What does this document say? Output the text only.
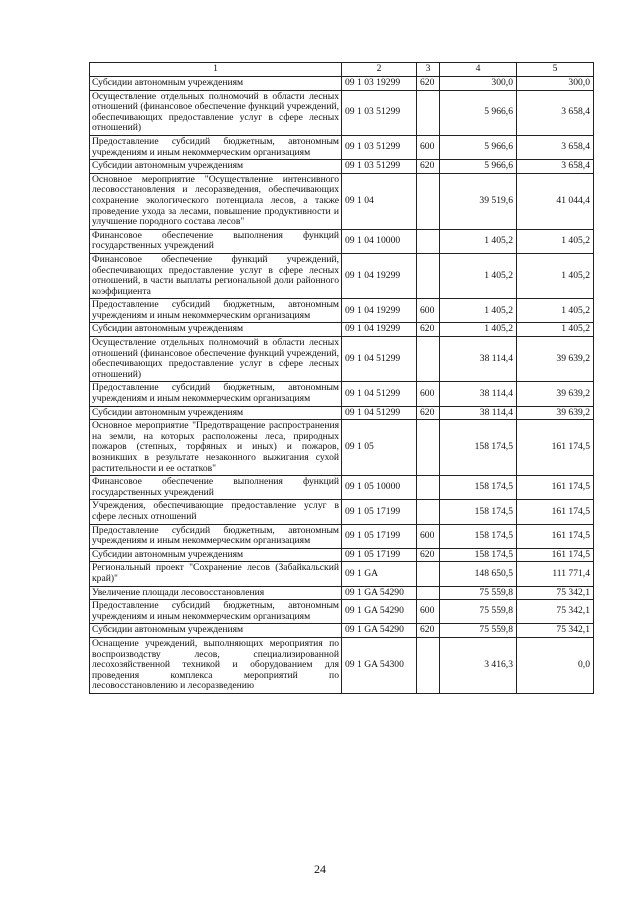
1	2	3	4	5
Субсидии автономным учреждениям	09 1 03 19299	620	300,0	300,0
Осуществление отдельных полномочий в области лесных отношений (финансовое обеспечение функций учреждений, обеспечивающих предоставление услуг в сфере лесных отношений)	09 1 03 51299		5 966,6	3 658,4
Предоставление субсидий бюджетным, автономным учреждениям и иным некоммерческим организациям	09 1 03 51299	600	5 966,6	3 658,4
Субсидии автономным учреждениям	09 1 03 51299	620	5 966,6	3 658,4
Основное мероприятие "Осуществление интенсивного лесовосстановления и лесоразведения, обеспечивающих сохранение экологического потенциала лесов, а также проведение ухода за лесами, повышение продуктивности и улучшение породного состава лесов"	09 1 04		39 519,6	41 044,4
Финансовое обеспечение выполнения функций государственных учреждений	09 1 04 10000		1 405,2	1 405,2
Финансовое обеспечение функций учреждений, обеспечивающих предоставление услуг в сфере лесных отношений, в части выплаты региональной доли районного коэффициента	09 1 04 19299		1 405,2	1 405,2
Предоставление субсидий бюджетным, автономным учреждениям и иным некоммерческим организациям	09 1 04 19299	600	1 405,2	1 405,2
Субсидии автономным учреждениям	09 1 04 19299	620	1 405,2	1 405,2
Осуществление отдельных полномочий в области лесных отношений (финансовое обеспечение функций учреждений, обеспечивающих предоставление услуг в сфере лесных отношений)	09 1 04 51299		38 114,4	39 639,2
Предоставление субсидий бюджетным, автономным учреждениям и иным некоммерческим организациям	09 1 04 51299	600	38 114,4	39 639,2
Субсидии автономным учреждениям	09 1 04 51299	620	38 114,4	39 639,2
Основное мероприятие "Предотвращение распространения на земли, на которых расположены леса, природных пожаров (степных, торфяных и иных) и пожаров, возникших в результате незаконного выжигания сухой растительности и ее остатков"	09 1 05		158 174,5	161 174,5
Финансовое обеспечение выполнения функций государственных учреждений	09 1 05 10000		158 174,5	161 174,5
Учреждения, обеспечивающие предоставление услуг в сфере лесных отношений	09 1 05 17199		158 174,5	161 174,5
Предоставление субсидий бюджетным, автономным учреждениям и иным некоммерческим организациям	09 1 05 17199	600	158 174,5	161 174,5
Субсидии автономным учреждениям	09 1 05 17199	620	158 174,5	161 174,5
Региональный проект "Сохранение лесов (Забайкальский край)"	09 1 GA		148 650,5	111 771,4
Увеличение площади лесовосстановления	09 1 GA 54290		75 559,8	75 342,1
Предоставление субсидий бюджетным, автономным учреждениям и иным некоммерческим организациям	09 1 GA 54290	600	75 559,8	75 342,1
Субсидии автономным учреждениям	09 1 GA 54290	620	75 559,8	75 342,1
Оснащение учреждений, выполняющих мероприятия по воспроизводству лесов, специализированной лесохозяйственной техникой и оборудованием для проведения комплекса мероприятий по лесовосстановлению и лесоразведению	09 1 GA 54300		3 416,3	0,0
24
